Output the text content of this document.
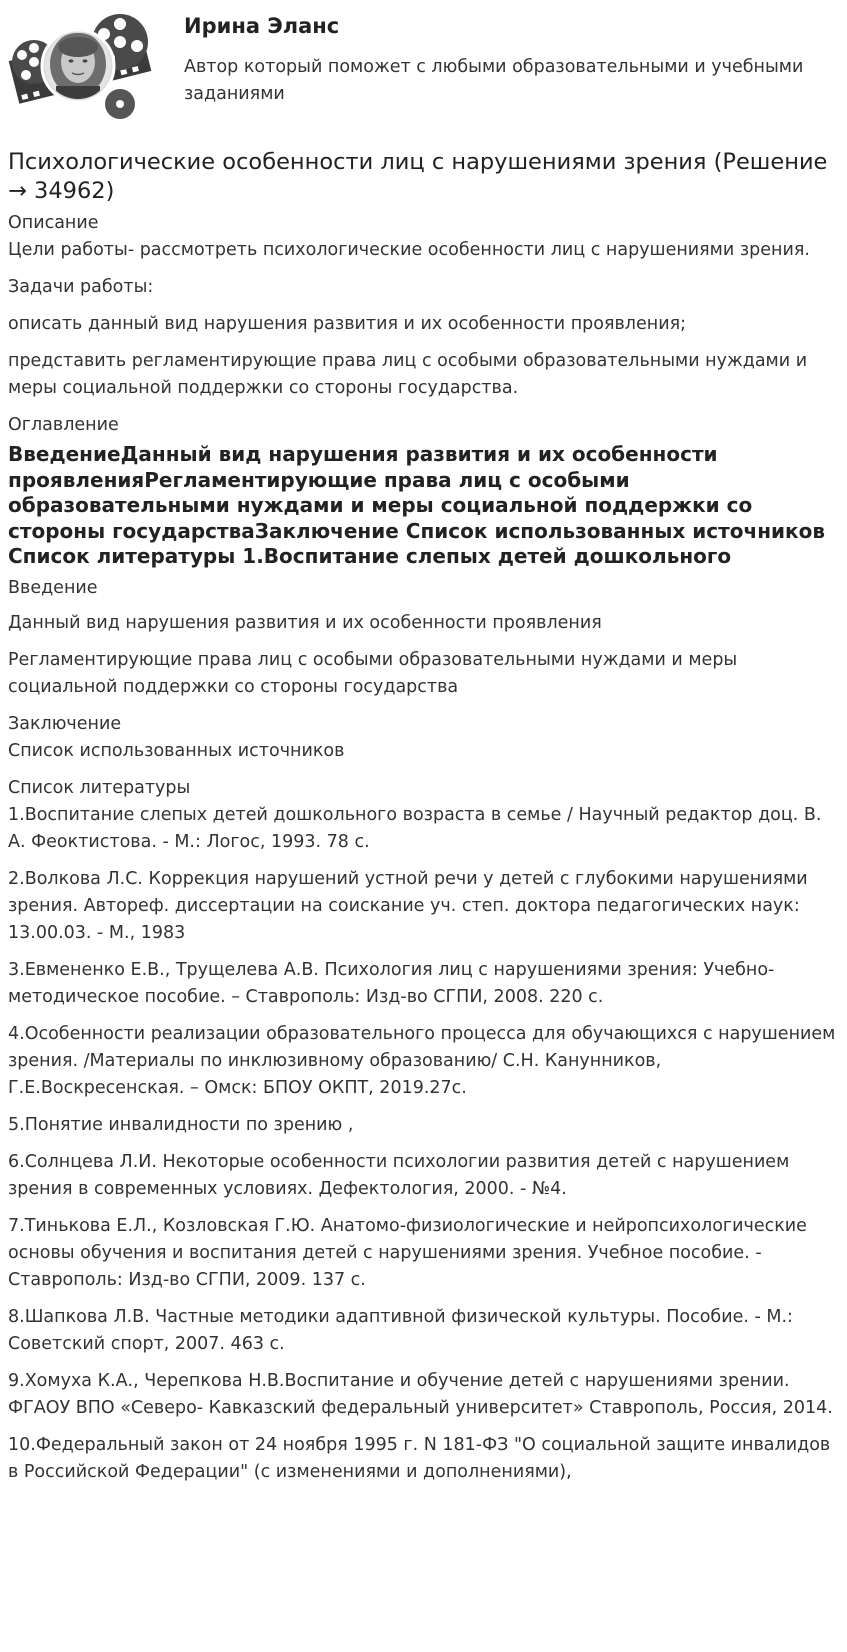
Ирина Эланс

Автор который поможет с любыми образовательными и учебными заданиями

Психологические особенности лиц с нарушениями зрения (Решение → 34962)

Описание

Цели работы- рассмотреть психологические особенности лиц с нарушениями зрения.

Задачи работы:

описать данный вид нарушения развития и их особенности проявления;

представить регламентирующие права лиц с особыми образовательными нуждами и меры социальной поддержки со стороны государства.

Оглавление

ВведениеДанный вид нарушения развития и их особенности проявленияРегламентирующие права лиц с особыми образовательными нуждами и меры социальной поддержки со стороны государстваЗаключение Список использованных источников Список литературы 1.Воспитание слепых детей дошкольного

Введение

Данный вид нарушения развития и их особенности проявления

Регламентирующие права лиц с особыми образовательными нуждами и меры социальной поддержки со стороны государства

Заключение

Список использованных источников

Список литературы

1.Воспитание слепых детей дошкольного возраста в семье / Научный редактор доц. В. А. Феоктистова. - М.: Логос, 1993. 78 с.

2.Волкова Л.С. Коррекция нарушений устной речи у детей с глубокими нарушениями зрения. Автореф. диссертации на соискание уч. степ. доктора педагогических наук: 13.00.03. - М., 1983

3.Евмененко Е.В., Трущелева А.В. Психология лиц с нарушениями зрения: Учебно-методическое пособие. – Ставрополь: Изд-во СГПИ, 2008. 220 с.

4.Особенности реализации образовательного процесса для обучающихся с нарушением зрения. /Материалы по инклюзивному образованию/ С.Н. Канунников, Г.Е.Воскресенская. – Омск: БПОУ ОКПТ, 2019.27с.

5.Понятие инвалидности по зрению ,

6.Солнцева Л.И. Некоторые особенности психологии развития детей с нарушением зрения в современных условиях. Дефектология, 2000. - №4.

7.Тинькова Е.Л., Козловская Г.Ю. Анатомо-физиологические и нейропсихологические основы обучения и воспитания детей с нарушениями зрения. Учебное пособие. - Ставрополь: Изд-во СГПИ, 2009. 137 с.

8.Шапкова Л.В. Частные методики адаптивной физической культуры. Пособие. - М.: Советский спорт, 2007. 463 с.

9.Хомуха К.А., Черепкова Н.В.Воспитание и обучение детей с нарушениями зрении. ФГАОУ ВПО «Северо- Кавказский федеральный университет» Ставрополь, Россия, 2014.

10.Федеральный закон от 24 ноября 1995 г. N 181-ФЗ "О социальной защите инвалидов в Российской Федерации" (с изменениями и дополнениями),
